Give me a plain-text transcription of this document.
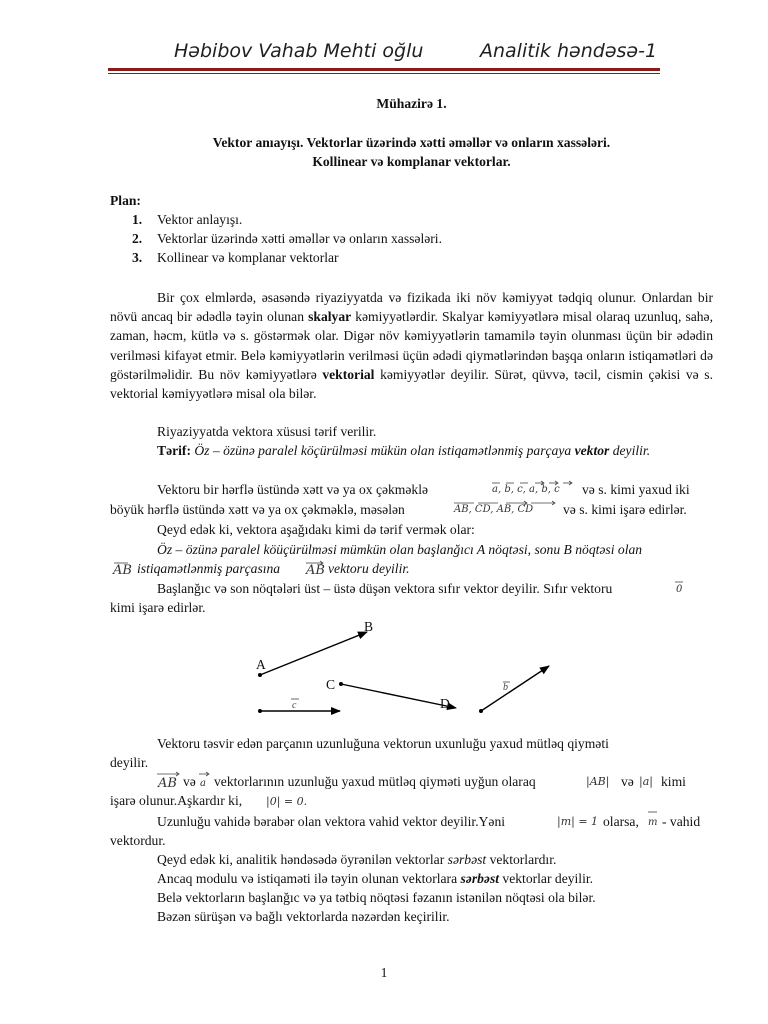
Həbibov Vahab Mehti oğlu	Analitik həndəsə-1
Mühazirə 1.
Vektor anıayışı. Vektorlar üzərində xətti əməllər və onların xassələri.
Kollinear və komplanar vektorlar.
Plan:
1. Vektor anlayışı.
2. Vektorlar üzərində xətti əməllər və onların xassələri.
3. Kollinear və komplanar vektorlar
Bir çox elmlərdə, əsasəndə riyaziyyatda və fizikada iki növ kəmiyyət tədqiq olunur. Onlardan bir növü ancaq bir ədədlə təyin olunan skalyar kəmiyyətlərdir. Skalyar kəmiyyətlərə misal olaraq uzunluq, sahə, zaman, həcm, kütlə və s. göstərmək olar. Digər növ kəmiyyətlərin tamamilə təyin olunması üçün bir ədədin verilməsi kifayət etmir. Belə kəmiyyətlərin verilməsi üçün ədədi qiymətlərindən başqa onların istiqamətləri də göstərilməlidir. Bu növ kəmiyyətlərə vektorial kəmiyyətlər deyilir. Sürət, qüvvə, təcil, cismin çəkisi və s. vektorial kəmiyyətlərə misal ola bilər.
Riyaziyyatda vektora xüsusi tərif verilir.
Tərif: Öz – özünə paralel köçürülməsi mükün olan istiqamətlənmiş parçaya vektor deyilir.
Vektoru bir hərflə üstündə xətt və ya ox çəkməklə	a, b, c, a, b, c və s. kimi yaxud iki
böyük hərflə üstündə xətt və ya ox çəkməklə, məsələn	AB, CD, AB, CD və s. kimi işarə edirlər.
Qeyd edək ki, vektora aşağıdakı kimi də tərif vermək olar:
Öz – özünə paralel köüçürülməsi mümkün olan başlanğıcı A nöqtəsi, sonu B nöqtəsi olan
AB istiqamətlənmiş parçasına AB vektoru deyilir.
Başlanğıc və son nöqtələri üst – üstə düşən vektora sıfır vektor deyilir. Sıfır vektoru	0
kimi işarə edirlər.
B
A
C
D
b
c
Vektoru təsvir edən parçanın uzunluğuna vektorun uxunluğu yaxud mütləq qiyməti
deyilir.
AB və a vektorlarının uzunluğu yaxud mütləq qiyməti uyğun olaraq	|AB| və |a| kimi
işarə olunur.Aşkardır ki,	|0| = 0.
Uzunluğu vahidə bərabər olan vektora vahid vektor deyilir.Yəni	|m| = 1 olarsa, m - vahid
vektordur.
Qeyd edək ki, analitik həndəsədə öyrənilən vektorlar sərbəst vektorlardır.
Ancaq modulu və istiqaməti ilə təyin olunan vektorlara sərbəst vektorlar deyilir.
Belə vektorların başlanğıc və ya tətbiq nöqtəsi fəzanın istənilən nöqtəsi ola bilər.
Bəzən sürüşən və bağlı vektorlarda nəzərdən keçirilir.
1
